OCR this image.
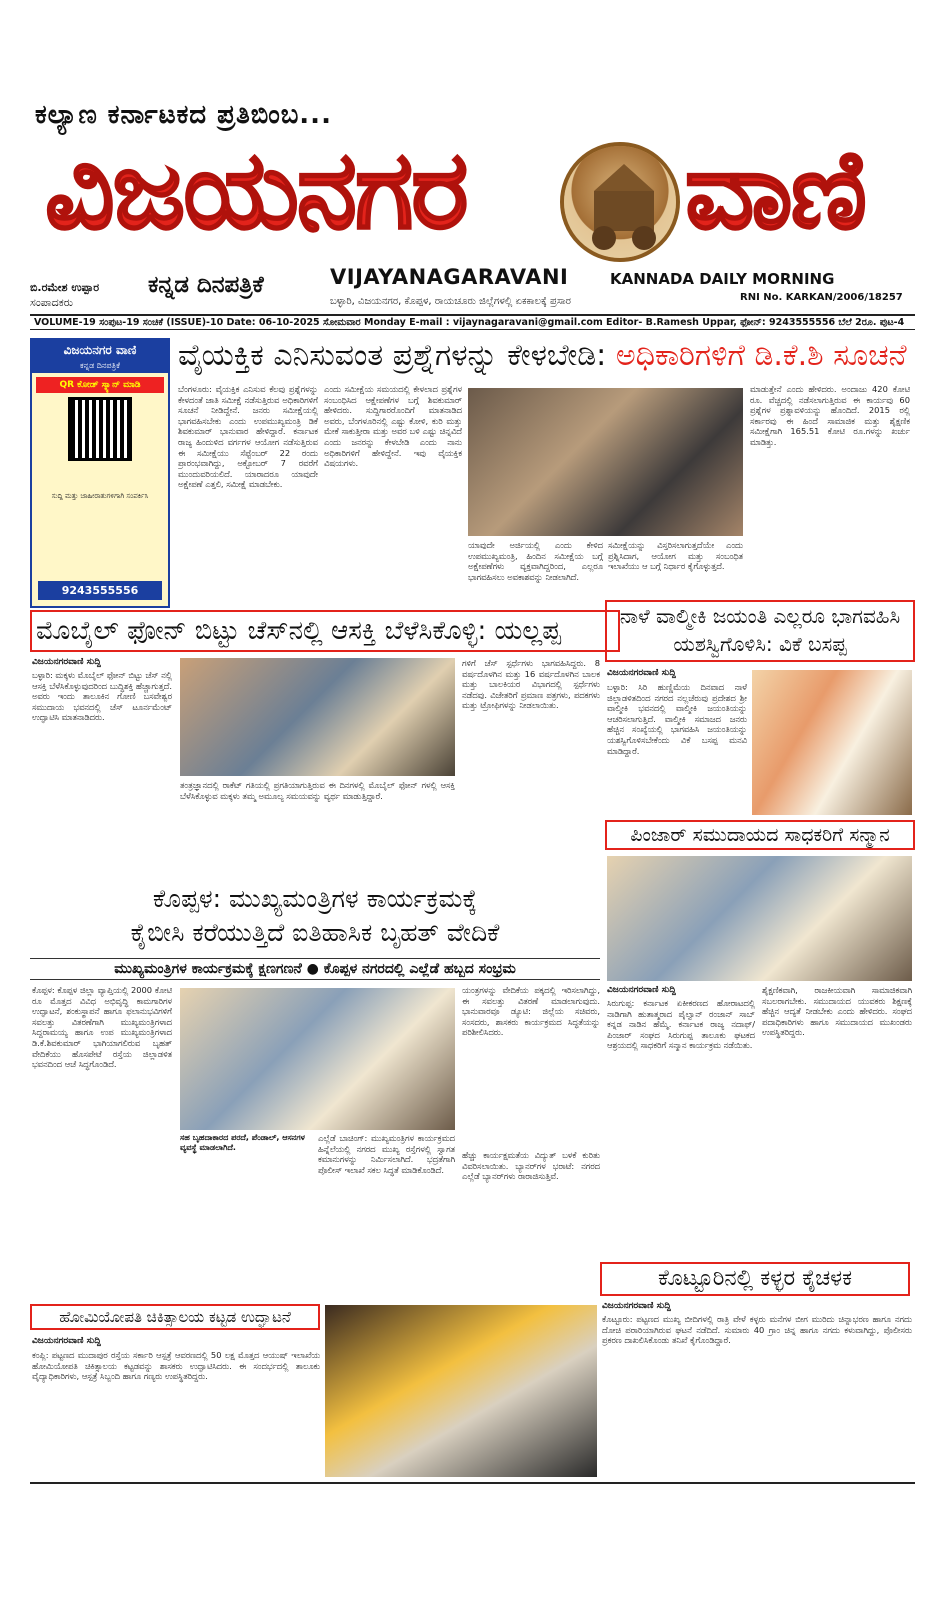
ಕಲ್ಯಾಣ ಕರ್ನಾಟಕದ ಪ್ರತಿಬಿಂಬ...
ವಿಜಯನಗರ ವಾಣಿ
ಬಿ.ರಮೇಶ ಉಪ್ಪಾರ
ಸಂಪಾದಕರು
ಕನ್ನಡ ದಿನಪತ್ರಿಕೆ	VIJAYANAGARAVANI	KANNADA DAILY MORNING
ಬಳ್ಳಾರಿ, ವಿಜಯನಗರ, ಕೊಪ್ಪಳ, ರಾಯಚೂರು ಜಿಲ್ಲೆಗಳಲ್ಲಿ ಏಕಕಾಲಕ್ಕೆ ಪ್ರಸಾರ	RNI No. KARKAN/2006/18257
VOLUME-19 ಸಂಪುಟ-19 ಸಂಚಿಕೆ (ISSUE)-10 Date: 06-10-2025 ಸೋಮವಾರ Monday E-mail : vijaynagaravani@gmail.com Editor- B.Ramesh Uppar, ಫೋನ್: 9243555556 ಬೆಲೆ 2ರೂ. ಪುಟ-4
ವಿಜಯನಗರ ವಾಣಿ
ಕನ್ನಡ ದಿನಪತ್ರಿಕೆ
QR ಕೋಡ್ ಸ್ಕ್ಯಾನ್ ಮಾಡಿ
ಸುದ್ದಿ ಮತ್ತು ಜಾಹೀರಾತುಗಳಿಗಾಗಿ ಸಂಪರ್ಕಿಸಿ
9243555556
ವೈಯಕ್ತಿಕ ಎನಿಸುವಂತ ಪ್ರಶ್ನೆಗಳನ್ನು ಕೇಳಬೇಡಿ: ಅಧಿಕಾರಿಗಳಿಗೆ ಡಿ.ಕೆ.ಶಿ ಸೂಚನೆ
ಬೆಂಗಳೂರು: ವೈಯಕ್ತಿಕ ಎನಿಸುವ ಕೆಲವು ಪ್ರಶ್ನೆಗಳನ್ನು ಕೇಳದಂತೆ ಜಾತಿ ಸಮೀಕ್ಷೆ ನಡೆಸುತ್ತಿರುವ ಅಧಿಕಾರಿಗಳಿಗೆ ಸೂಚನೆ ನೀಡಿದ್ದೇನೆ. ಜನರು ಸಮೀಕ್ಷೆಯಲ್ಲಿ ಭಾಗವಹಿಸಬೇಕು ಎಂದು ಉಪಮುಖ್ಯಮಂತ್ರಿ ಡಿಕೆ ಶಿವಕುಮಾರ್ ಭಾನುವಾರ ಹೇಳಿದ್ದಾರೆ. ಕರ್ನಾಟಕ ರಾಜ್ಯ ಹಿಂದುಳಿದ ವರ್ಗಗಳ ಆಯೋಗ ನಡೆಸುತ್ತಿರುವ ಈ ಸಮೀಕ್ಷೆಯು ಸೆಪ್ಟೆಂಬರ್ 22 ರಂದು ಪ್ರಾರಂಭವಾಗಿದ್ದು, ಅಕ್ಟೋಬರ್ 7 ರವರೆಗೆ ಮುಂದುವರಿಯಲಿದೆ. ಯಾರಾದರೂ ಯಾವುದೇ ಅಕ್ಷೇಪಣೆ ಎತ್ತಲಿ, ಸಮೀಕ್ಷೆ ಮಾಡಬೇಕು.
ಎಂದು ಸಮೀಕ್ಷೆಯ ಸಮಯದಲ್ಲಿ ಕೇಳಲಾದ ಪ್ರಶ್ನೆಗಳ ಸಂಬಂಧಿಸಿದ ಆಕ್ಷೇಪಣೆಗಳ ಬಗ್ಗೆ ಶಿವಕುಮಾರ್ ಹೇಳಿದರು. ಸುದ್ದಿಗಾರರೊಂದಿಗೆ ಮಾತನಾಡಿದ ಅವರು, ಬೆಂಗಳೂರಿನಲ್ಲಿ ಎಷ್ಟು ಕೋಳಿ, ಕುರಿ ಮತ್ತು ಮೇಕೆ ಸಾಕುತ್ತೀರಾ ಮತ್ತು ಅವರ ಬಳಿ ಎಷ್ಟು ಚಿನ್ನವಿದೆ ಎಂದು ಜನರನ್ನು ಕೇಳಬೇಡಿ ಎಂದು ನಾನು ಅಧಿಕಾರಿಗಳಿಗೆ ಹೇಳಿದ್ದೇನೆ. ಇವು ವೈಯಕ್ತಿಕ ವಿಷಯಗಳು.
ಯಾವುದೇ ಅರ್ಜಿಯಲ್ಲಿ ಎಂದು ಕೇಳಿದ ಉಪಮುಖ್ಯಮಂತ್ರಿ, ಹಿಂದಿನ ಸಮೀಕ್ಷೆಯ ಬಗ್ಗೆ ಅಕ್ಷೇಪಣೆಗಳು ವ್ಯಕ್ತವಾಗಿದ್ದರಿಂದ, ಎಲ್ಲರೂ ಭಾಗವಹಿಸಲು ಅವಕಾಶವನ್ನು ನೀಡಲಾಗಿದೆ.
ಸಮೀಕ್ಷೆಯನ್ನು ವಿಸ್ತರಿಸಲಾಗುತ್ತದೆಯೇ ಎಂದು ಪ್ರಶ್ನಿಸಿದಾಗ, ಆಯೋಗ ಮತ್ತು ಸಂಬಂಧಿತ ಇಲಾಖೆಯು ಆ ಬಗ್ಗೆ ನಿರ್ಧಾರ ಕೈಗೊಳ್ಳುತ್ತದೆ.
ಮಾಡುತ್ತೇನೆ ಎಂದು ಹೇಳಿದರು. ಅಂದಾಜು 420 ಕೋಟಿ ರೂ. ವೆಚ್ಚದಲ್ಲಿ ನಡೆಸಲಾಗುತ್ತಿರುವ ಈ ಕಾರ್ಯವು 60 ಪ್ರಶ್ನೆಗಳ ಪ್ರಶ್ನಾವಳಿಯನ್ನು ಹೊಂದಿದೆ. 2015 ರಲ್ಲಿ ಸರ್ಕಾರವು ಈ ಹಿಂದೆ ಸಾಮಾಜಿಕ ಮತ್ತು ಶೈಕ್ಷಣಿಕ ಸಮೀಕ್ಷೆಗಾಗಿ 165.51 ಕೋಟಿ ರೂ.ಗಳನ್ನು ಖರ್ಚು ಮಾಡಿತ್ತು.
ಮೊಬೈಲ್ ಫೋನ್ ಬಿಟ್ಟು ಚೆಸ್‌ನಲ್ಲಿ ಆಸಕ್ತಿ ಬೆಳೆಸಿಕೊಳ್ಳಿ: ಯಲ್ಲಪ್ಪ
ವಿಜಯನಗರವಾಣಿ ಸುದ್ದಿ
ಬಳ್ಳಾರಿ: ಮಕ್ಕಳು ಮೊಬೈಲ್ ಫೋನ್ ಬಿಟ್ಟು ಚೆಸ್ ನಲ್ಲಿ ಆಸಕ್ತಿ ಬೆಳೆಸಿಕೊಳ್ಳುವುದರಿಂದ ಬುದ್ಧಿಶಕ್ತಿ ಹೆಚ್ಚಾಗುತ್ತದೆ. ಅವರು ಇಂದು ತಾಲೂಕಿನ ಗೋಣಿ ಬಸವೇಶ್ವರ ಸಮುದಾಯ ಭವನದಲ್ಲಿ ಚೆಸ್ ಟೂರ್ನಮೆಂಟ್ ಉದ್ಘಾಟಿಸಿ ಮಾತನಾಡಿದರು.
ತಂತ್ರಜ್ಞಾನದಲ್ಲಿ ರಾಕೆಟ್ ಗತಿಯಲ್ಲಿ ಪ್ರಗತಿಯಾಗುತ್ತಿರುವ ಈ ದಿನಗಳಲ್ಲಿ ಮೊಬೈಲ್ ಫೋನ್ ಗಳಲ್ಲಿ ಆಸಕ್ತಿ ಬೆಳೆಸಿಕೊಳ್ಳುವ ಮಕ್ಕಳು ತಮ್ಮ ಅಮೂಲ್ಯ ಸಮಯವನ್ನು ವ್ಯರ್ಥ ಮಾಡುತ್ತಿದ್ದಾರೆ.
ಗಳಿಗೆ ಚೆಸ್ ಸ್ಪರ್ಧೆಗಳು ಭಾಗವಹಿಸಿದ್ದರು. 8 ವರ್ಷದೊಳಗಿನ ಮತ್ತು 16 ವರ್ಷದೊಳಗಿನ ಬಾಲಕ ಮತ್ತು ಬಾಲಕಿಯರ ವಿಭಾಗದಲ್ಲಿ ಸ್ಪರ್ಧೆಗಳು ನಡೆದವು. ವಿಜೇತರಿಗೆ ಪ್ರಮಾಣ ಪತ್ರಗಳು, ಪದಕಗಳು ಮತ್ತು ಟ್ರೋಫಿಗಳನ್ನು ನೀಡಲಾಯಿತು.
ನಾಳೆ ವಾಲ್ಮೀಕಿ ಜಯಂತಿ ಎಲ್ಲರೂ ಭಾಗವಹಿಸಿ ಯಶಸ್ವಿಗೊಳಿಸಿ: ವಿಕೆ ಬಸಪ್ಪ
ವಿಜಯನಗರವಾಣಿ ಸುದ್ದಿ
ಬಳ್ಳಾರಿ: ಸಿರಿ ಹುಣ್ಣಿಮೆಯ ದಿನವಾದ ನಾಳೆ ಜಿಲ್ಲಾಡಳಿತದಿಂದ ನಗರದ ನಲ್ಲಚೆರುವು ಪ್ರದೇಶದ ಶ್ರೀ ವಾಲ್ಮೀಕಿ ಭವನದಲ್ಲಿ ವಾಲ್ಮೀಕಿ ಜಯಂತಿಯನ್ನು ಆಚರಿಸಲಾಗುತ್ತಿದೆ. ವಾಲ್ಮೀಕಿ ಸಮಾಜದ ಜನರು ಹೆಚ್ಚಿನ ಸಂಖ್ಯೆಯಲ್ಲಿ ಭಾಗವಹಿಸಿ ಜಯಂತಿಯನ್ನು ಯಶಸ್ವಿಗೊಳಿಸಬೇಕೆಂದು ವಿಕೆ ಬಸಪ್ಪ ಮನವಿ ಮಾಡಿದ್ದಾರೆ.
ಪಿಂಜಾರ್ ಸಮುದಾಯದ ಸಾಧಕರಿಗೆ ಸನ್ಮಾನ
ವಿಜಯನಗರವಾಣಿ ಸುದ್ದಿ
ಸಿರುಗುಪ್ಪ: ಕರ್ನಾಟಕ ಏಕೀಕರಣದ ಹೋರಾಟದಲ್ಲಿ ನಾಡಿಗಾಗಿ ಹುತಾತ್ಮರಾದ ಪೈಲ್ವಾನ್ ರಂಜಾನ್ ಸಾಬ್ ಕನ್ನಡ ನಾಡಿನ ಹೆಮ್ಮೆ. ಕರ್ನಾಟಕ ರಾಜ್ಯ ನದಾಫ್/ಪಿಂಜಾರ್ ಸಂಘದ ಸಿರುಗುಪ್ಪ ತಾಲೂಕು ಘಟಕದ ಆಶ್ರಯದಲ್ಲಿ ಸಾಧಕರಿಗೆ ಸನ್ಮಾನ ಕಾರ್ಯಕ್ರಮ ನಡೆಯಿತು.
ಶೈಕ್ಷಣಿಕವಾಗಿ, ರಾಜಕೀಯವಾಗಿ ಸಾಮಾಜಿಕವಾಗಿ ಸಬಲರಾಗಬೇಕು. ಸಮುದಾಯದ ಯುವಕರು ಶಿಕ್ಷಣಕ್ಕೆ ಹೆಚ್ಚಿನ ಆದ್ಯತೆ ನೀಡಬೇಕು ಎಂದು ಹೇಳಿದರು. ಸಂಘದ ಪದಾಧಿಕಾರಿಗಳು ಹಾಗೂ ಸಮುದಾಯದ ಮುಖಂಡರು ಉಪಸ್ಥಿತರಿದ್ದರು.
ಕೊಪ್ಪಳ: ಮುಖ್ಯಮಂತ್ರಿಗಳ ಕಾರ್ಯಕ್ರಮಕ್ಕೆ
ಕೈಬೀಸಿ ಕರೆಯುತ್ತಿದೆ ಐತಿಹಾಸಿಕ ಬೃಹತ್ ವೇದಿಕೆ
ಮುಖ್ಯಮಂತ್ರಿಗಳ ಕಾರ್ಯಕ್ರಮಕ್ಕೆ ಕ್ಷಣಗಣನೆ ● ಕೊಪ್ಪಳ ನಗರದಲ್ಲಿ ಎಲ್ಲೆಡೆ ಹಬ್ಬದ ಸಂಭ್ರಮ
ಕೊಪ್ಪಳ: ಕೊಪ್ಪಳ ಜಿಲ್ಲಾ ವ್ಯಾಪ್ತಿಯಲ್ಲಿ 2000 ಕೋಟಿ ರೂ ಮೊತ್ತದ ವಿವಿಧ ಅಭಿವೃದ್ಧಿ ಕಾಮಗಾರಿಗಳ ಉದ್ಘಾಟನೆ, ಶಂಕುಸ್ಥಾಪನೆ ಹಾಗೂ ಫಲಾನುಭವಿಗಳಿಗೆ ಸವಲತ್ತು ವಿತರಣೆಗಾಗಿ ಮುಖ್ಯಮಂತ್ರಿಗಳಾದ ಸಿದ್ದರಾಮಯ್ಯ ಹಾಗೂ ಉಪ ಮುಖ್ಯಮಂತ್ರಿಗಳಾದ ಡಿ.ಕೆ.ಶಿವಕುಮಾರ್ ಭಾಗಿಯಾಗಲಿರುವ ಬೃಹತ್ ವೇದಿಕೆಯು ಹೊಸಪೇಟೆ ರಸ್ತೆಯ ಜಿಲ್ಲಾಡಳಿತ ಭವನದಿಂದ ಆಚೆ ಸಿದ್ಧಗೊಂಡಿದೆ.
ಸಹ ಬೃಹದಾಕಾರದ ಪರದೆ, ಪೆಂಡಾಲ್, ಆಸನಗಳ ವ್ಯವಸ್ಥೆ ಮಾಡಲಾಗಿದೆ.
ಎಲ್ಲೆಡೆ ಬಾಚಿಂಗ್: ಮುಖ್ಯಮಂತ್ರಿಗಳ ಕಾರ್ಯಕ್ರಮದ ಹಿನ್ನೆಲೆಯಲ್ಲಿ ನಗರದ ಮುಖ್ಯ ರಸ್ತೆಗಳಲ್ಲಿ ಸ್ವಾಗತ ಕಮಾನುಗಳನ್ನು ನಿರ್ಮಿಸಲಾಗಿದೆ. ಭದ್ರತೆಗಾಗಿ ಪೊಲೀಸ್ ಇಲಾಖೆ ಸಕಲ ಸಿದ್ಧತೆ ಮಾಡಿಕೊಂಡಿದೆ.
ಯಂತ್ರಗಳನ್ನು ವೇದಿಕೆಯ ಪಕ್ಕದಲ್ಲಿ ಇರಿಸಲಾಗಿದ್ದು, ಈ ಸವಲತ್ತು ವಿತರಣೆ ಮಾಡಲಾಗುವುದು. ಭಾನುವಾರವೂ ಡ್ಯೂಟಿ: ಜಿಲ್ಲೆಯ ಸಚಿವರು, ಸಂಸದರು, ಶಾಸಕರು ಕಾರ್ಯಕ್ರಮದ ಸಿದ್ಧತೆಯನ್ನು ಪರಿಶೀಲಿಸಿದರು.
ಹೆಚ್ಚು ಕಾರ್ಯಕ್ಷಮತೆಯ ವಿದ್ಯುತ್ ಬಳಕೆ ಕುರಿತು ವಿವರಿಸಲಾಯಿತು. ಬ್ಯಾನರ್‌ಗಳ ಭರಾಟೆ: ನಗರದ ಎಲ್ಲೆಡೆ ಬ್ಯಾನರ್‌ಗಳು ರಾರಾಜಿಸುತ್ತಿವೆ.
ಕೊಟ್ಟೂರಿನಲ್ಲಿ ಕಳ್ಳರ ಕೈಚಳಕ
ವಿಜಯನಗರವಾಣಿ ಸುದ್ದಿ
ಕೊಟ್ಟೂರು: ಪಟ್ಟಣದ ಮುಖ್ಯ ಬೀದಿಗಳಲ್ಲಿ ರಾತ್ರಿ ವೇಳೆ ಕಳ್ಳರು ಮನೆಗಳ ಬೀಗ ಮುರಿದು ಚಿನ್ನಾಭರಣ ಹಾಗೂ ನಗದು ದೋಚಿ ಪರಾರಿಯಾಗಿರುವ ಘಟನೆ ನಡೆದಿದೆ. ಸುಮಾರು 40 ಗ್ರಾಂ ಚಿನ್ನ ಹಾಗೂ ನಗದು ಕಳುವಾಗಿದ್ದು, ಪೊಲೀಸರು ಪ್ರಕರಣ ದಾಖಲಿಸಿಕೊಂಡು ತನಿಖೆ ಕೈಗೊಂಡಿದ್ದಾರೆ.
ಹೋಮಿಯೋಪತಿ ಚಿಕಿತ್ಸಾಲಯ ಕಟ್ಟಡ ಉದ್ಘಾಟನೆ
ವಿಜಯನಗರವಾಣಿ ಸುದ್ದಿ
ಕಂಪ್ಲಿ: ಪಟ್ಟಣದ ಮುದಾಪುರ ರಸ್ತೆಯ ಸರ್ಕಾರಿ ಆಸ್ಪತ್ರೆ ಆವರಣದಲ್ಲಿ 50 ಲಕ್ಷ ಮೊತ್ತದ ಆಯುಷ್ ಇಲಾಖೆಯ ಹೋಮಿಯೋಪತಿ ಚಿಕಿತ್ಸಾಲಯ ಕಟ್ಟಡವನ್ನು ಶಾಸಕರು ಉದ್ಘಾಟಿಸಿದರು. ಈ ಸಂದರ್ಭದಲ್ಲಿ ತಾಲೂಕು ವೈದ್ಯಾಧಿಕಾರಿಗಳು, ಆಸ್ಪತ್ರೆ ಸಿಬ್ಬಂದಿ ಹಾಗೂ ಗಣ್ಯರು ಉಪಸ್ಥಿತರಿದ್ದರು.
